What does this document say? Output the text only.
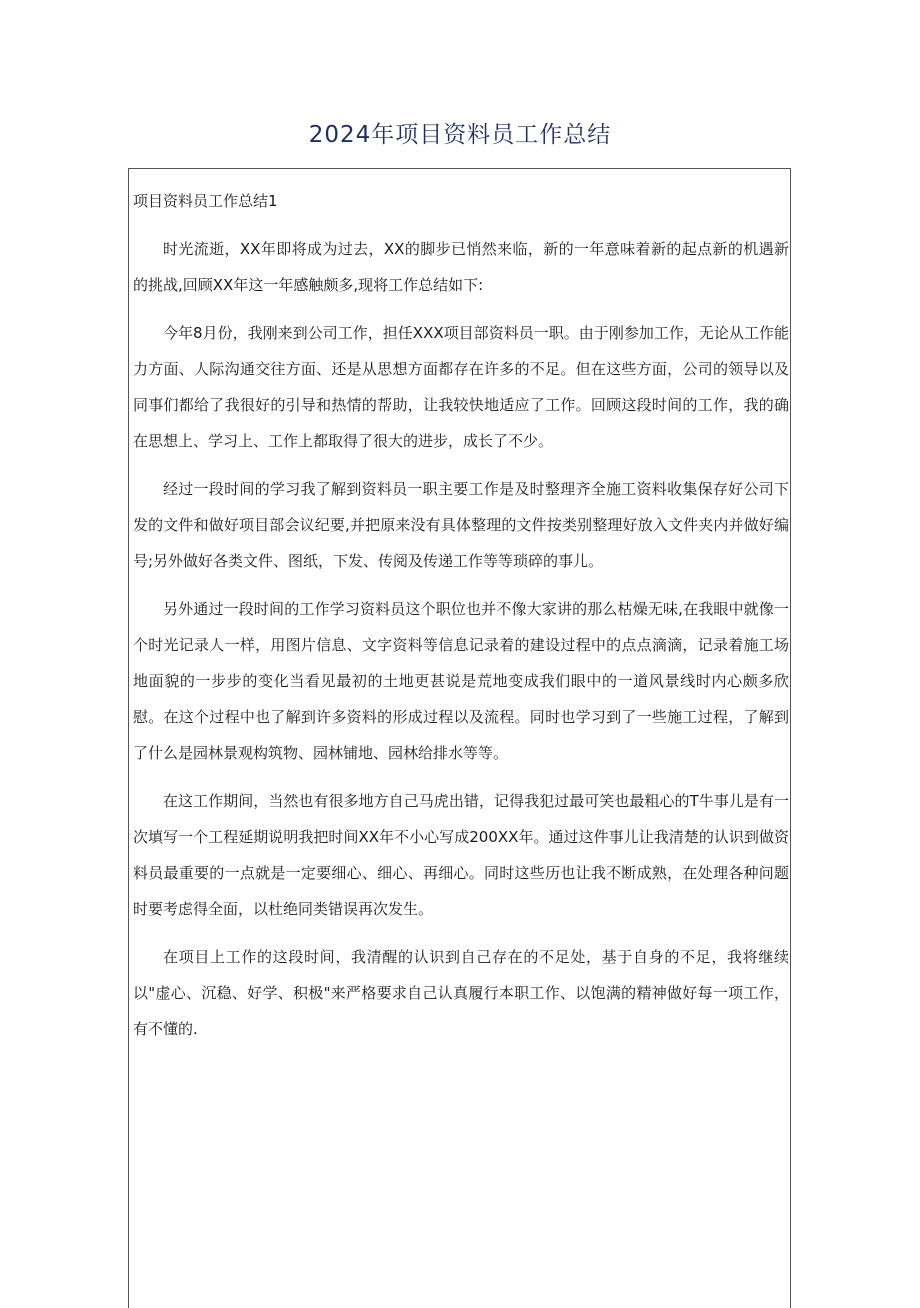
2024年项目资料员工作总结

项目资料员工作总结1

时光流逝，XX年即将成为过去，XX的脚步已悄然来临，新的一年意味着新的起点新的机遇新的挑战,回顾XX年这一年感触颇多,现将工作总结如下:

今年8月份，我刚来到公司工作，担任XXX项目部资料员一职。由于刚参加工作，无论从工作能力方面、人际沟通交往方面、还是从思想方面都存在许多的不足。但在这些方面，公司的领导以及同事们都给了我很好的引导和热情的帮助，让我较快地适应了工作。回顾这段时间的工作，我的确在思想上、学习上、工作上都取得了很大的进步，成长了不少。

经过一段时间的学习我了解到资料员一职主要工作是及时整理齐全施工资料收集保存好公司下发的文件和做好项目部会议纪要,并把原来没有具体整理的文件按类别整理好放入文件夹内并做好编号;另外做好各类文件、图纸，下发、传阅及传递工作等等琐碎的事儿。

另外通过一段时间的工作学习资料员这个职位也并不像大家讲的那么枯燥无味,在我眼中就像一个时光记录人一样，用图片信息、文字资料等信息记录着的建设过程中的点点滴滴，记录着施工场地面貌的一步步的变化当看见最初的土地更甚说是荒地变成我们眼中的一道风景线时内心颇多欣慰。在这个过程中也了解到许多资料的形成过程以及流程。同时也学习到了一些施工过程，了解到了什么是园林景观构筑物、园林铺地、园林给排水等等。

在这工作期间，当然也有很多地方自己马虎出错，记得我犯过最可笑也最粗心的T牛事儿是有一次填写一个工程延期说明我把时间XX年不小心写成200XX年。通过这件事儿让我清楚的认识到做资料员最重要的一点就是一定要细心、细心、再细心。同时这些历也让我不断成熟，在处理各种问题时要考虑得全面，以杜绝同类错误再次发生。

在项目上工作的这段时间，我清醒的认识到自己存在的不足处，基于自身的不足，我将继续以"虚心、沉稳、好学、积极"来严格要求自己认真履行本职工作、以饱满的精神做好每一项工作，有不懂的.
